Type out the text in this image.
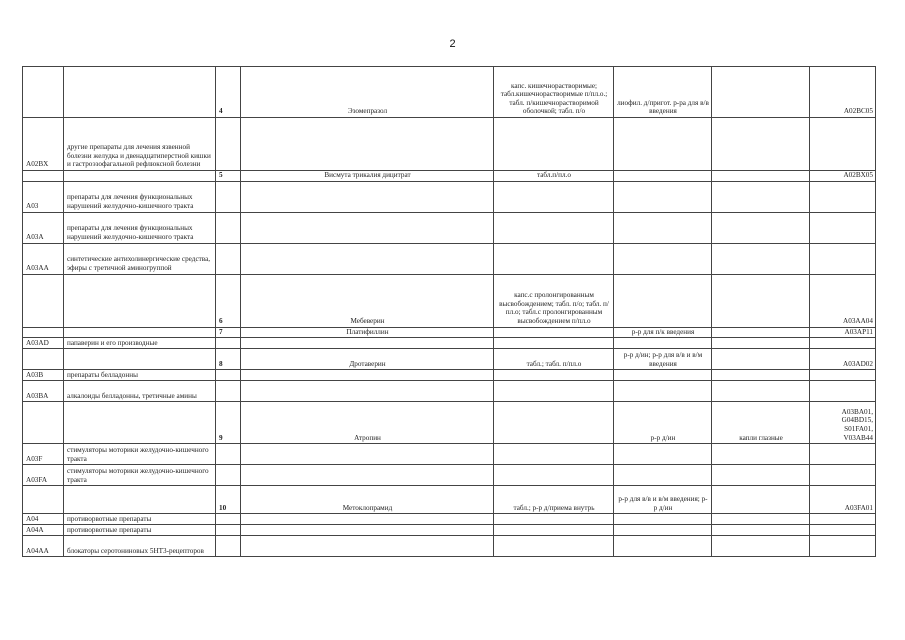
2
		4	Эзомепразол	капс. кишечнорастворимые; табл.кишечнорастворимые п/пл.о.; табл. п/кишечнорастворимой оболочкой; табл. п/о	лиофил. д/пригот. р-ра для в/в введения		A02BC05
A02BX	другие препараты для лечения язвенной болезни желудка и двенадцатиперстной кишки и гастроэзофагальной рефлюксной болезни						
		5	Висмута трикалия дицитрат	табл.п/пл.о			A02BX05
A03	препараты для лечения функциональных нарушений желудочно-кишечного тракта						
A03A	препараты для лечения функциональных нарушений желудочно-кишечного тракта						
A03AA	синтетические антихолинергические средства, эфиры с третичной аминогруппой						
		6	Мебеверин	капс.с пролонгированным высвобождением; табл. п/о; табл. п/пл.о; табл.с пролонгированным высвобождением п/пл.о			A03AA04
		7	Платифиллин		р-р для п/к введения		A03AP11
A03AD	папаверин и его производные						
		8	Дротаверин	табл.; табл. п/пл.о	р-р д/ин; р-р для в/в и в/м введения		A03AD02
A03B	препараты белладонны						
A03BA	алкалоиды белладонны, третичные амины						
		9	Атропин		р-р д/ин	капли глазные	A03BA01, G04BD15, S01FA01, V03AB44
A03F	стимуляторы моторики желудочно-кишечного тракта						
A03FA	стимуляторы моторики желудочно-кишечного тракта						
		10	Метоклопрамид	табл.; р-р д/приема внутрь	р-р для в/в и в/м введения; р-р д/ин		A03FA01
A04	противорвотные препараты						
A04A	противорвотные препараты						
A04AA	блокаторы серотониновых 5HT3-рецепторов						
